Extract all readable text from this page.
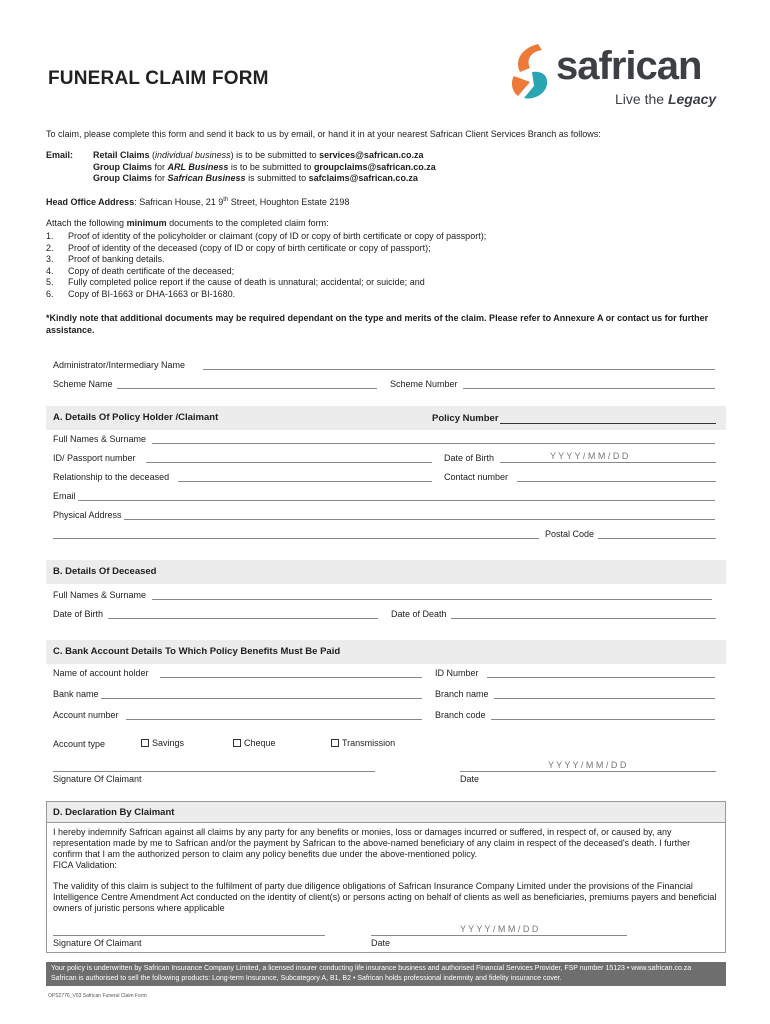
FUNERAL CLAIM FORM	safrican
Live the Legacy
To claim, please complete this form and send it back to us by email, or hand it in at your nearest Safrican Client Services Branch as follows:
Email: Retail Claims (individual business) is to be submitted to services@safrican.co.za
Group Claims for ARL Business is to be submitted to groupclaims@safrican.co.za
Group Claims for Safrican Business is submitted to safclaims@safrican.co.za
Head Office Address: Safrican House, 21 9th Street, Houghton Estate 2198
Attach the following minimum documents to the completed claim form:
1. Proof of identity of the policyholder or claimant (copy of ID or copy of birth certificate or copy of passport);
2. Proof of identity of the deceased (copy of ID or copy of birth certificate or copy of passport);
3. Proof of banking details.
4. Copy of death certificate of the deceased;
5. Fully completed police report if the cause of death is unnatural; accidental; or suicide; and
6. Copy of BI-1663 or DHA-1663 or BI-1680.
*Kindly note that additional documents may be required dependant on the type and merits of the claim. Please refer to Annexure A or contact us for further assistance.
Administrator/Intermediary Name
Scheme Name	Scheme Number
A. Details Of Policy Holder /Claimant	Policy Number
Full Names & Surname
ID/ Passport number	Date of Birth	Y Y Y Y / M M / D D
Relationship to the deceased	Contact number
Email
Physical Address
Postal Code
B. Details Of Deceased
Full Names & Surname
Date of Birth	Date of Death
C. Bank Account Details To Which Policy Benefits Must Be Paid
Name of account holder	ID Number
Bank name	Branch name
Account number	Branch code
Account type	Savings	Cheque	Transmission
Signature Of Claimant
Y Y Y Y / M M / D D
Date
D. Declaration By Claimant
I hereby indemnify Safrican against all claims by any party for any benefits or monies, loss or damages incurred or suffered, in respect of, or caused by, any representation made by me to Safrican and/or the payment by Safrican to the above-named beneficiary of any claim in respect of the deceased's death. I further confirm that I am the authorized person to claim any policy benefits due under the above-mentioned policy.
FICA Validation:
The validity of this claim is subject to the fulfilment of party due diligence obligations of Safrican Insurance Company Limited under the provisions of the Financial Intelligence Centre Amendment Act conducted on the identity of client(s) or persons acting on behalf of clients as well as beneficiaries, premiums payers and beneficial owners of juristic persons where applicable
Signature Of Claimant
Y Y Y Y / M M / D D
Date
Your policy is underwritten by Safrican Insurance Company Limited, a licensed insurer conducting life insurance business and authorised Financial Services Provider, FSP number 15123 • www.safrican.co.za
Safrican is authorised to sell the following products: Long-term Insurance, Subcategory A, B1, B2 • Safrican holds professional indemnity and fidelity insurance cover.
OPS2776_V03 Safrican Funeral Claim Form
